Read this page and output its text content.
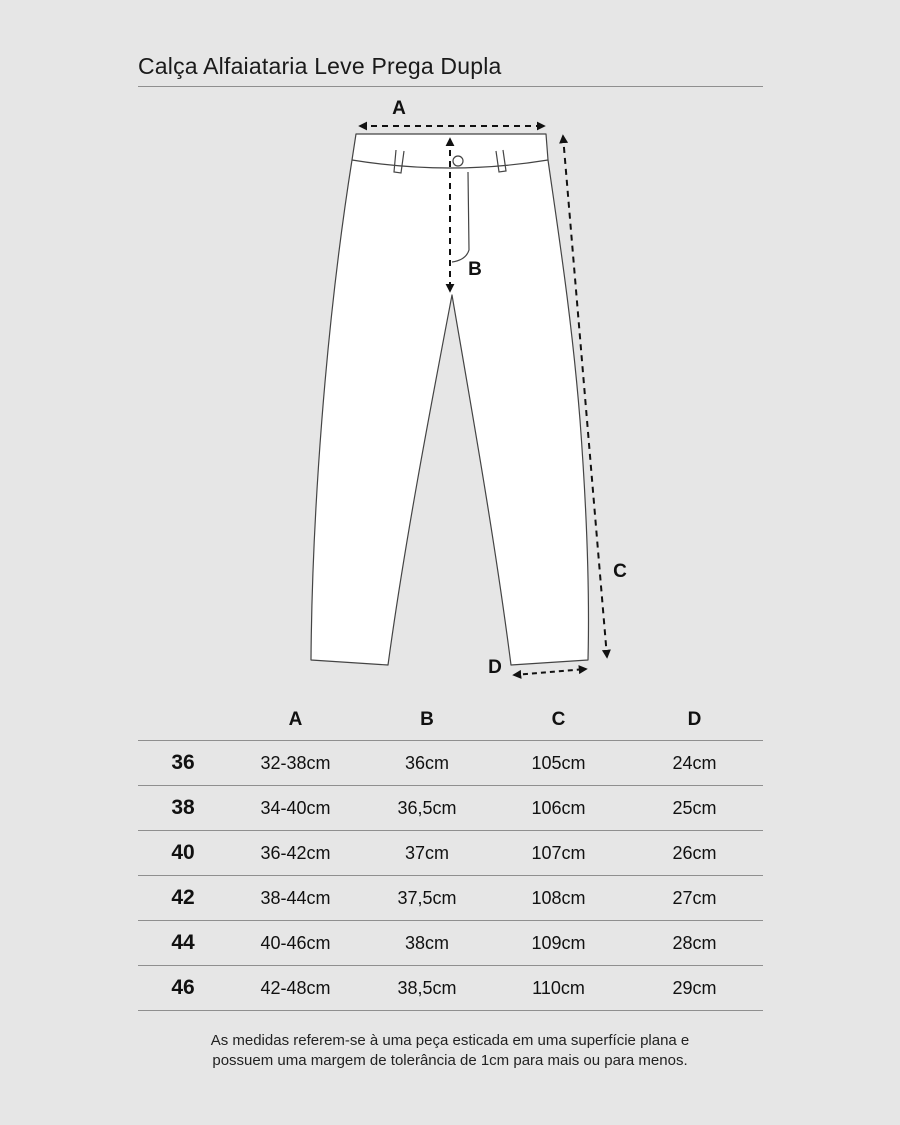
Calça Alfaiataria Leve Prega Dupla
A
B
C
D
	A	B	C	D
36	32-38cm	36cm	105cm	24cm
38	34-40cm	36,5cm	106cm	25cm
40	36-42cm	37cm	107cm	26cm
42	38-44cm	37,5cm	108cm	27cm
44	40-46cm	38cm	109cm	28cm
46	42-48cm	38,5cm	110cm	29cm

As medidas referem-se à uma peça esticada em uma superfície plana e
possuem uma margem de tolerância de 1cm para mais ou para menos.
